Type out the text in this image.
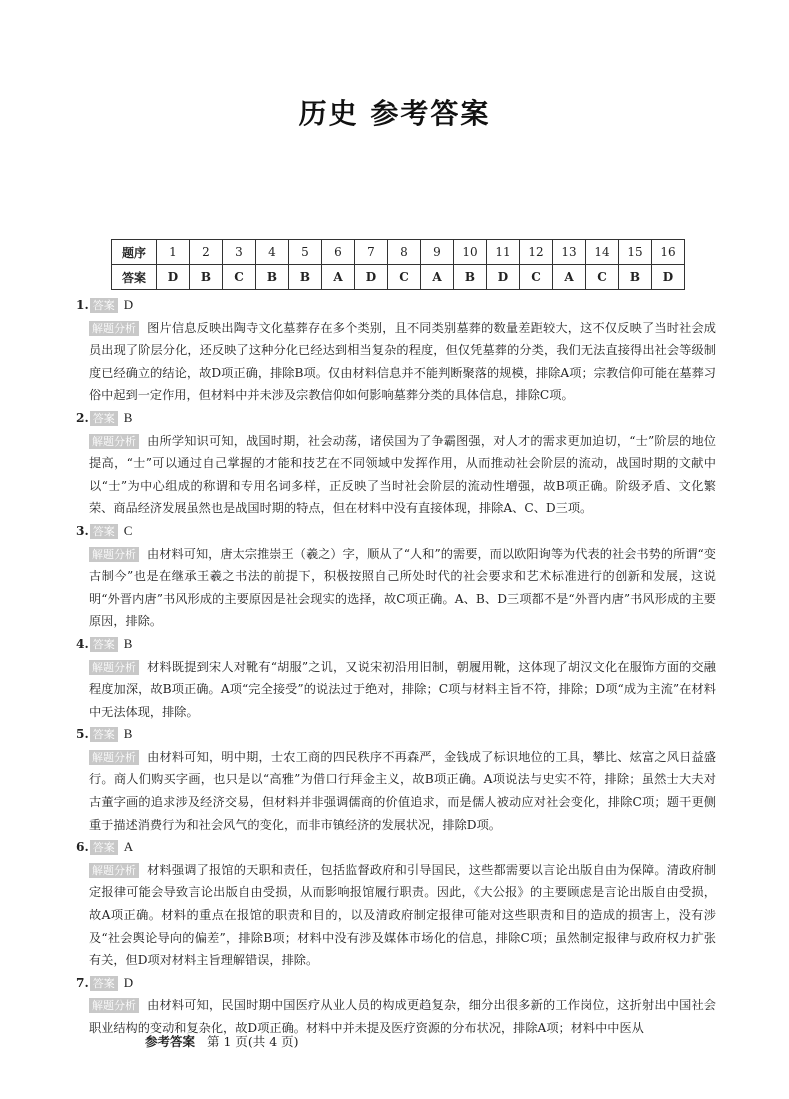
历史 参考答案
题序	1	2	3	4	5	6	7	8	9	10	11	12	13	14	15	16
答案	D	B	C	B	B	A	D	C	A	B	D	C	A	C	B	D
1. 答案 D
解题分析 图片信息反映出陶寺文化墓葬存在多个类别，且不同类别墓葬的数量差距较大，这不仅反映了当时社会成员出现了阶层分化，还反映了这种分化已经达到相当复杂的程度，但仅凭墓葬的分类，我们无法直接得出社会等级制度已经确立的结论，故D项正确，排除B项。仅由材料信息并不能判断聚落的规模，排除A项；宗教信仰可能在墓葬习俗中起到一定作用，但材料中并未涉及宗教信仰如何影响墓葬分类的具体信息，排除C项。
2. 答案 B
解题分析 由所学知识可知，战国时期，社会动荡，诸侯国为了争霸图强，对人才的需求更加迫切，“士”阶层的地位提高，“士”可以通过自己掌握的才能和技艺在不同领域中发挥作用，从而推动社会阶层的流动，战国时期的文献中以“士”为中心组成的称谓和专用名词多样，正反映了当时社会阶层的流动性增强，故B项正确。阶级矛盾、文化繁荣、商品经济发展虽然也是战国时期的特点，但在材料中没有直接体现，排除A、C、D三项。
3. 答案 C
解题分析 由材料可知，唐太宗推崇王（羲之）字，顺从了“人和”的需要，而以欧阳询等为代表的社会书势的所谓“变古制今”也是在继承王羲之书法的前提下，积极按照自己所处时代的社会要求和艺术标准进行的创新和发展，这说明“外晋内唐”书风形成的主要原因是社会现实的选择，故C项正确。A、B、D三项都不是“外晋内唐”书风形成的主要原因，排除。
4. 答案 B
解题分析 材料既提到宋人对靴有“胡服”之讥，又说宋初沿用旧制，朝履用靴，这体现了胡汉文化在服饰方面的交融程度加深，故B项正确。A项“完全接受”的说法过于绝对，排除；C项与材料主旨不符，排除；D项“成为主流”在材料中无法体现，排除。
5. 答案 B
解题分析 由材料可知，明中期，士农工商的四民秩序不再森严，金钱成了标识地位的工具，攀比、炫富之风日益盛行。商人们购买字画，也只是以“高雅”为借口行拜金主义，故B项正确。A项说法与史实不符，排除；虽然士大夫对古董字画的追求涉及经济交易，但材料并非强调儒商的价值追求，而是儒人被动应对社会变化，排除C项；题干更侧重于描述消费行为和社会风气的变化，而非市镇经济的发展状况，排除D项。
6. 答案 A
解题分析 材料强调了报馆的天职和责任，包括监督政府和引导国民，这些都需要以言论出版自由为保障。清政府制定报律可能会导致言论出版自由受损，从而影响报馆履行职责。因此，《大公报》的主要顾虑是言论出版自由受损，故A项正确。材料的重点在报馆的职责和目的，以及清政府制定报律可能对这些职责和目的造成的损害上，没有涉及“社会舆论导向的偏差”，排除B项；材料中没有涉及媒体市场化的信息，排除C项；虽然制定报律与政府权力扩张有关，但D项对材料主旨理解错误，排除。
7. 答案 D
解题分析 由材料可知，民国时期中国医疗从业人员的构成更趋复杂，细分出很多新的工作岗位，这折射出中国社会职业结构的变动和复杂化，故D项正确。材料中并未提及医疗资源的分布状况，排除A项；材料中中医从
参考答案 第 1 页(共 4 页)
